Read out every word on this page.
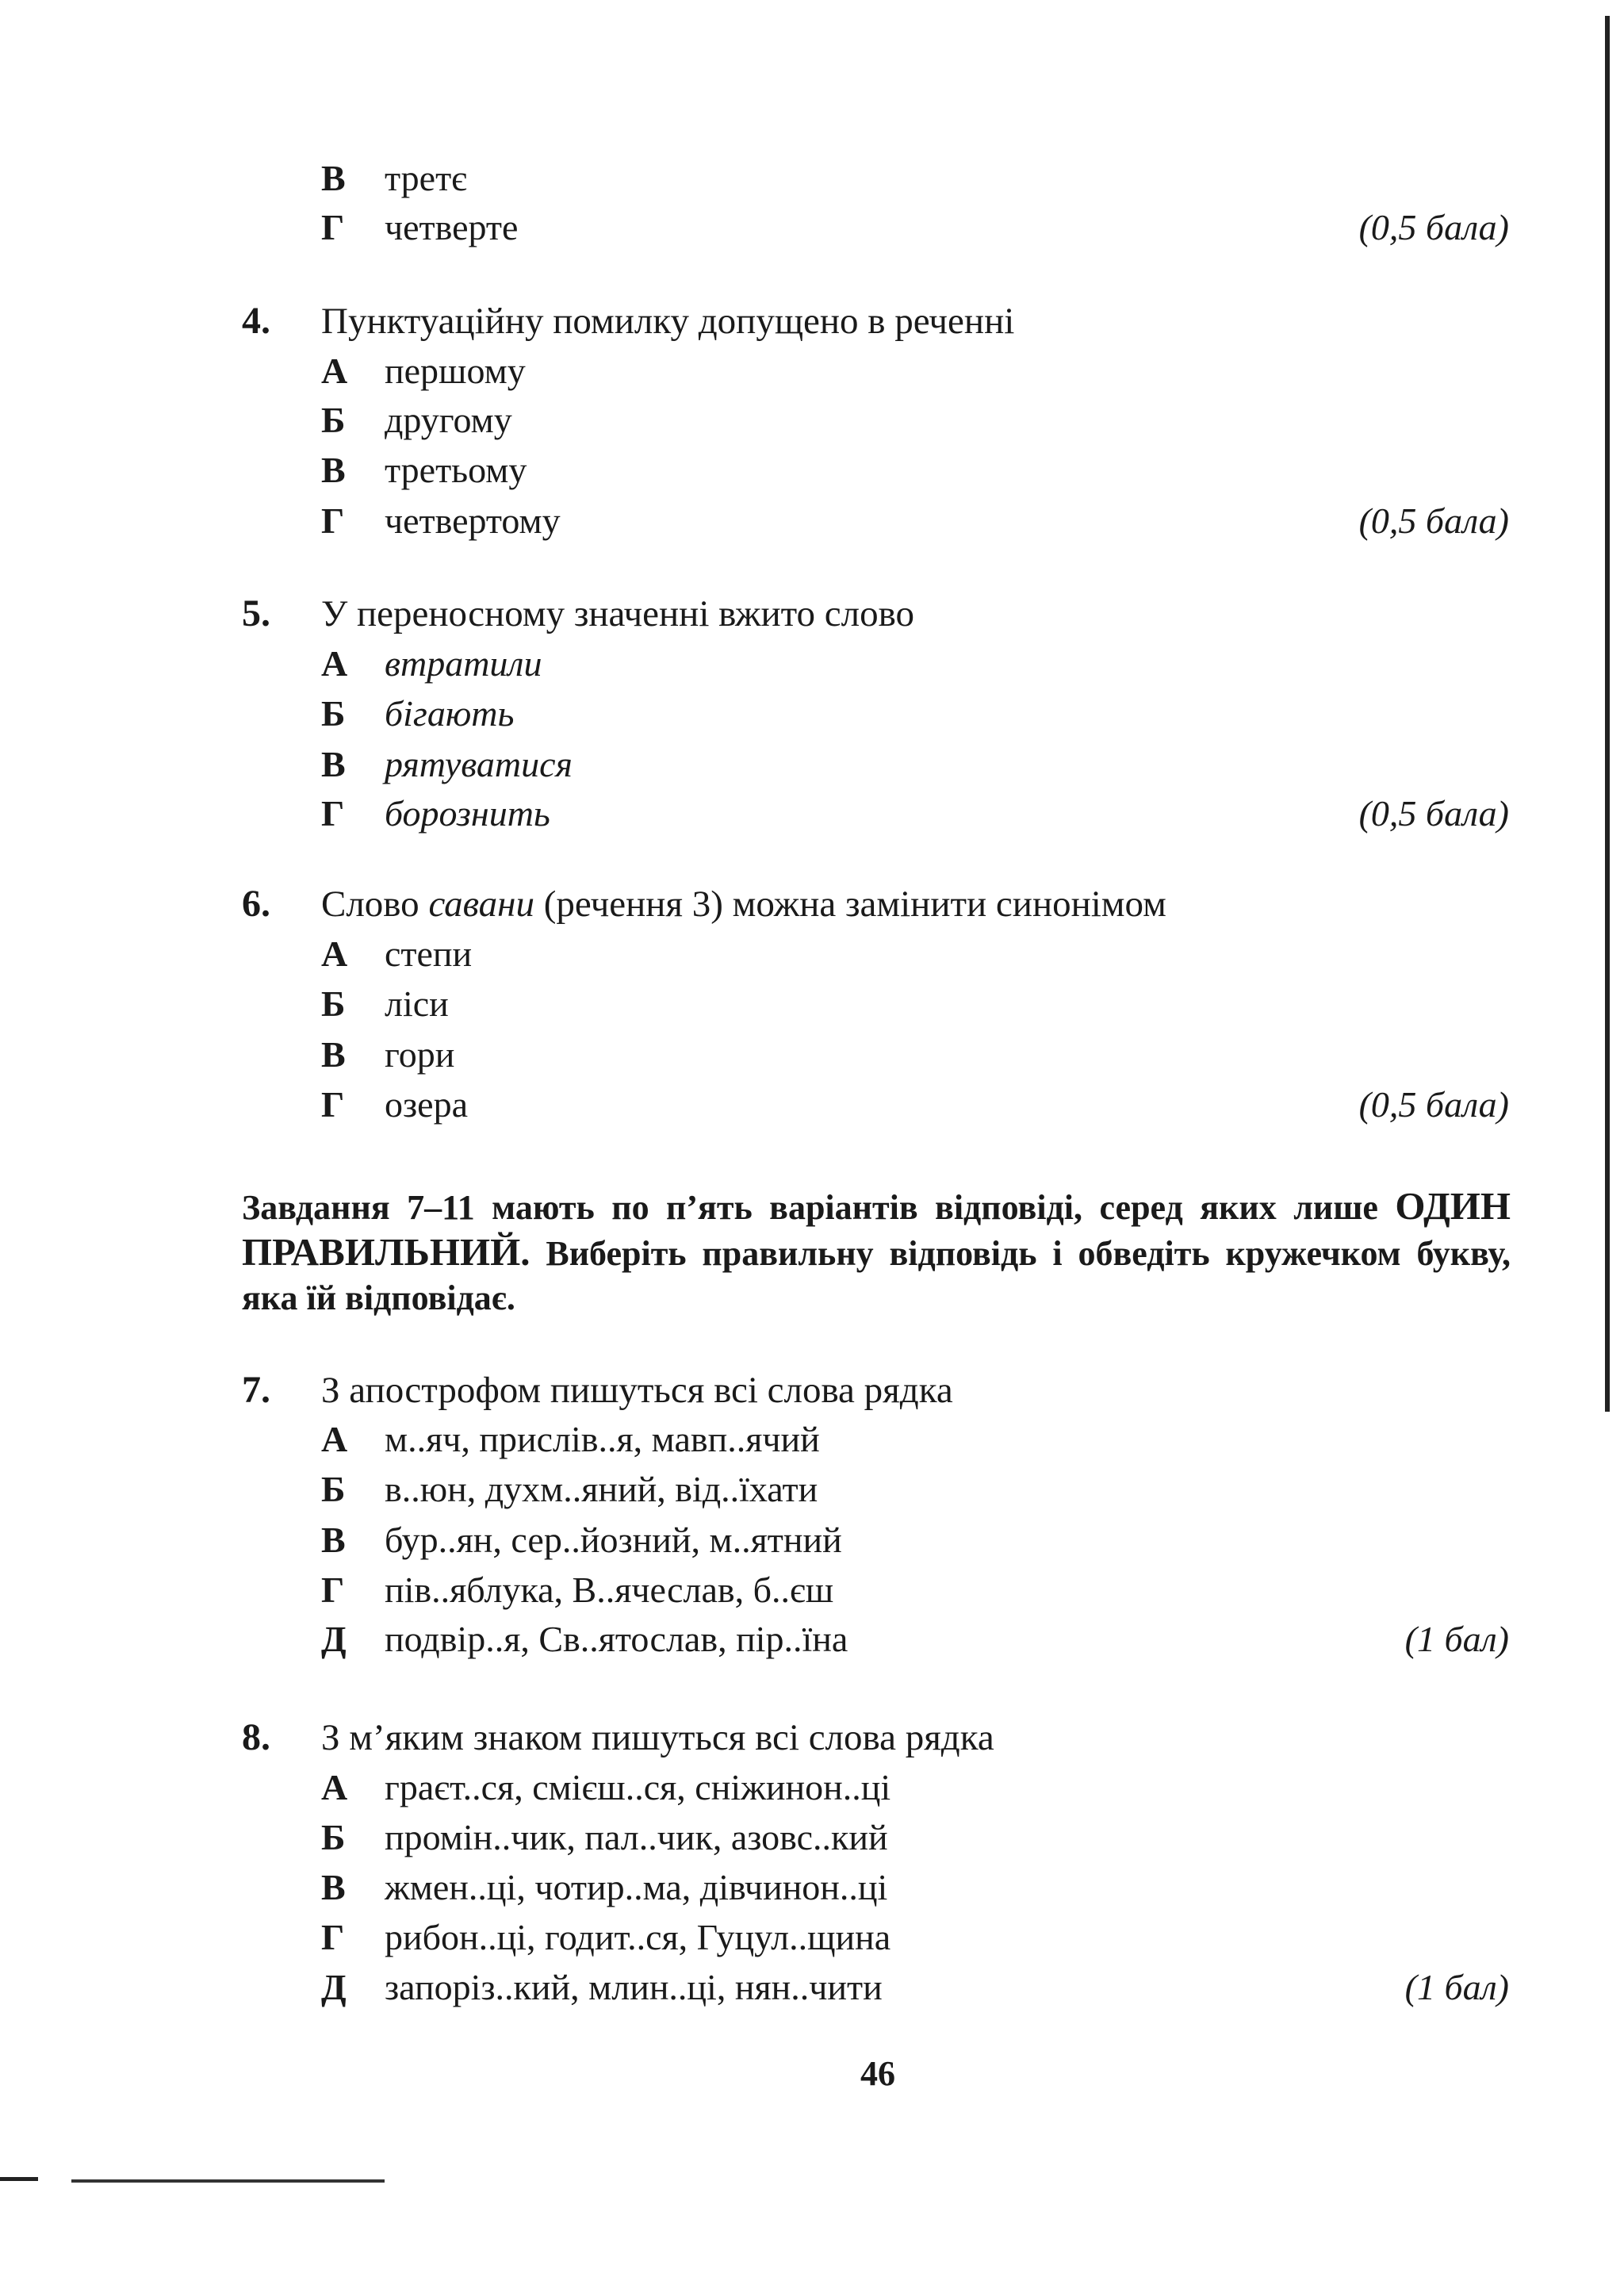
В третє
Г четверте	(0,5 бала)
4. Пунктуаційну помилку допущено в реченні
А першому
Б другому
В третьому
Г четвертому	(0,5 бала)
5. У переносному значенні вжито слово
А втратили
Б бігають
В рятуватися
Г борознить	(0,5 бала)
6. Слово савани (речення 3) можна замінити синонімом
А степи
Б ліси
В гори
Г озера	(0,5 бала)
Завдання 7–11 мають по п’ять варіантів відповіді, серед яких лише ОДИН ПРАВИЛЬНИЙ. Виберіть правильну відповідь і обведіть кружечком букву, яка їй відповідає.
7. З апострофом пишуться всі слова рядка
А м..яч, прислів..я, мавп..ячий
Б в..юн, духм..яний, від..їхати
В бур..ян, сер..йозний, м..ятний
Г пів..яблука, В..ячеслав, б..єш
Д подвір..я, Св..ятослав, пір..їна	(1 бал)
8. З м’яким знаком пишуться всі слова рядка
А граєт..ся, смієш..ся, сніжинон..ці
Б промін..чик, пал..чик, азовс..кий
В жмен..ці, чотир..ма, дівчинон..ці
Г рибон..ці, годит..ся, Гуцул..щина
Д запоріз..кий, млин..ці, нян..чити	(1 бал)
46
